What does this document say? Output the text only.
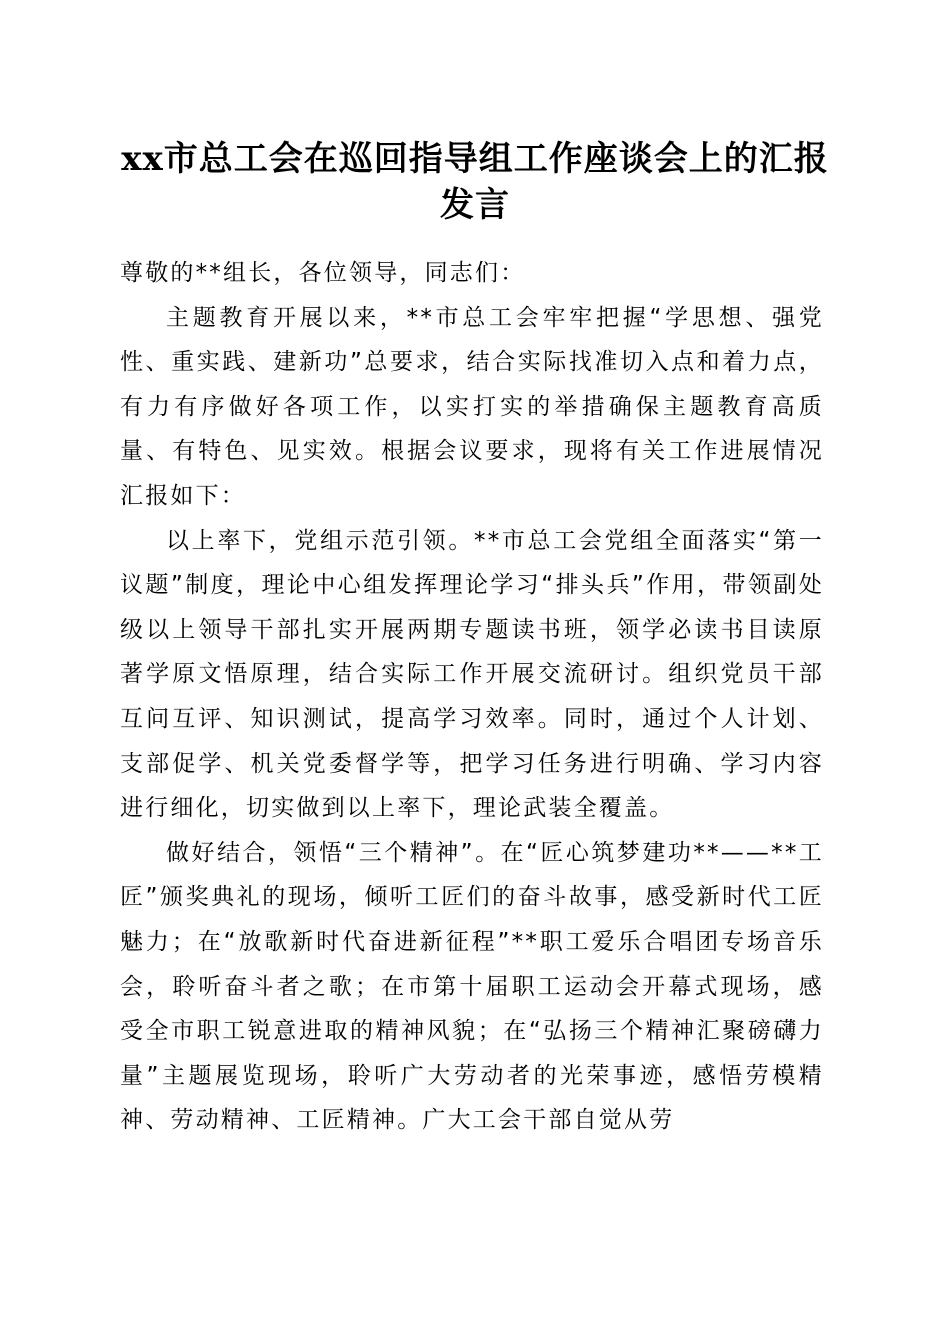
xx市总工会在巡回指导组工作座谈会上的汇报发言

尊敬的**组长，各位领导，同志们：

主题教育开展以来，**市总工会牢牢把握“学思想、强党性、重实践、建新功”总要求，结合实际找准切入点和着力点，有力有序做好各项工作，以实打实的举措确保主题教育高质量、有特色、见实效。根据会议要求，现将有关工作进展情况汇报如下：

以上率下，党组示范引领。**市总工会党组全面落实“第一议题”制度，理论中心组发挥理论学习“排头兵”作用，带领副处级以上领导干部扎实开展两期专题读书班，领学必读书目读原著学原文悟原理，结合实际工作开展交流研讨。组织党员干部互问互评、知识测试，提高学习效率。同时，通过个人计划、支部促学、机关党委督学等，把学习任务进行明确、学习内容进行细化，切实做到以上率下，理论武装全覆盖。

做好结合，领悟“三个精神”。在“匠心筑梦建功**——**工匠”颁奖典礼的现场，倾听工匠们的奋斗故事，感受新时代工匠魅力；在“放歌新时代奋进新征程”**职工爱乐合唱团专场音乐会，聆听奋斗者之歌；在市第十届职工运动会开幕式现场，感受全市职工锐意进取的精神风貌；在“弘扬三个精神汇聚磅礴力量”主题展览现场，聆听广大劳动者的光荣事迹，感悟劳模精神、劳动精神、工匠精神。广大工会干部自觉从劳
